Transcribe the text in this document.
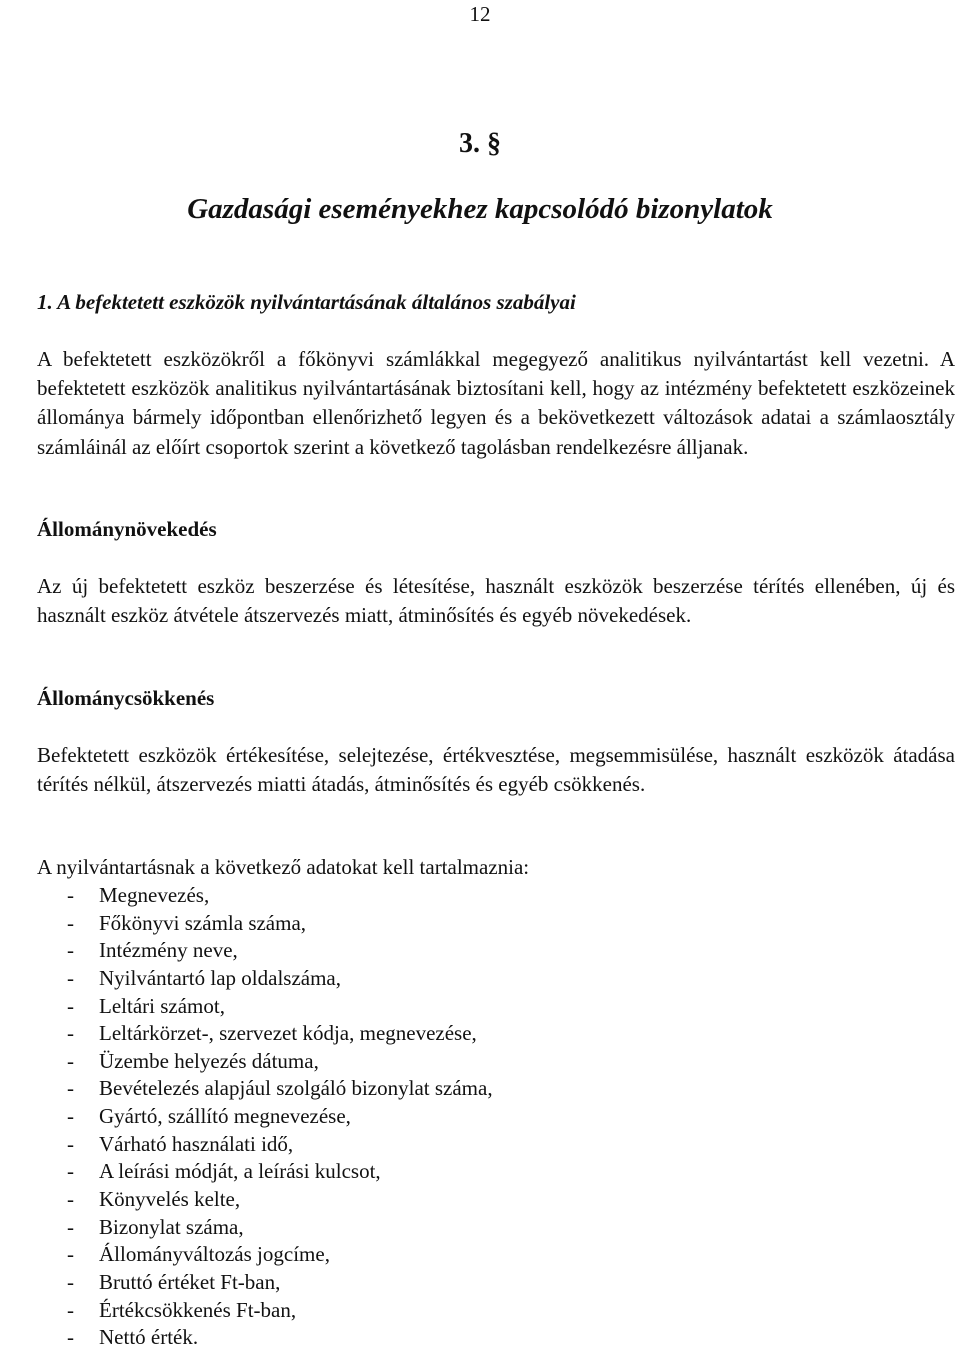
12
3. §
Gazdasági eseményekhez kapcsolódó bizonylatok
1. A befektetett eszközök nyilvántartásának általános szabályai
A befektetett eszközökről a főkönyvi számlákkal megegyező analitikus nyilvántartást kell vezetni. A befektetett eszközök analitikus nyilvántartásának biztosítani kell, hogy az intézmény befektetett eszközeinek állománya bármely időpontban ellenőrizhető legyen és a bekövetkezett változások adatai a számlaosztály számláinál az előírt csoportok szerint a következő tagolásban rendelkezésre álljanak.
Állománynövekedés
Az új befektetett eszköz beszerzése és létesítése, használt eszközök beszerzése térítés ellenében, új és használt eszköz átvétele átszervezés miatt, átminősítés és egyéb növekedések.
Állománycsökkenés
Befektetett eszközök értékesítése, selejtezése, értékvesztése, megsemmisülése, használt eszközök átadása térítés nélkül, átszervezés miatti átadás, átminősítés és egyéb csökkenés.
A nyilvántartásnak a következő adatokat kell tartalmaznia:
- Megnevezés,
- Főkönyvi számla száma,
- Intézmény neve,
- Nyilvántartó lap oldalszáma,
- Leltári számot,
- Leltárkörzet-, szervezet kódja, megnevezése,
- Üzembe helyezés dátuma,
- Bevételezés alapjául szolgáló bizonylat száma,
- Gyártó, szállító megnevezése,
- Várható használati idő,
- A leírási módját, a leírási kulcsot,
- Könyvelés kelte,
- Bizonylat száma,
- Állományváltozás jogcíme,
- Bruttó értéket Ft-ban,
- Értékcsökkenés Ft-ban,
- Nettó érték.
